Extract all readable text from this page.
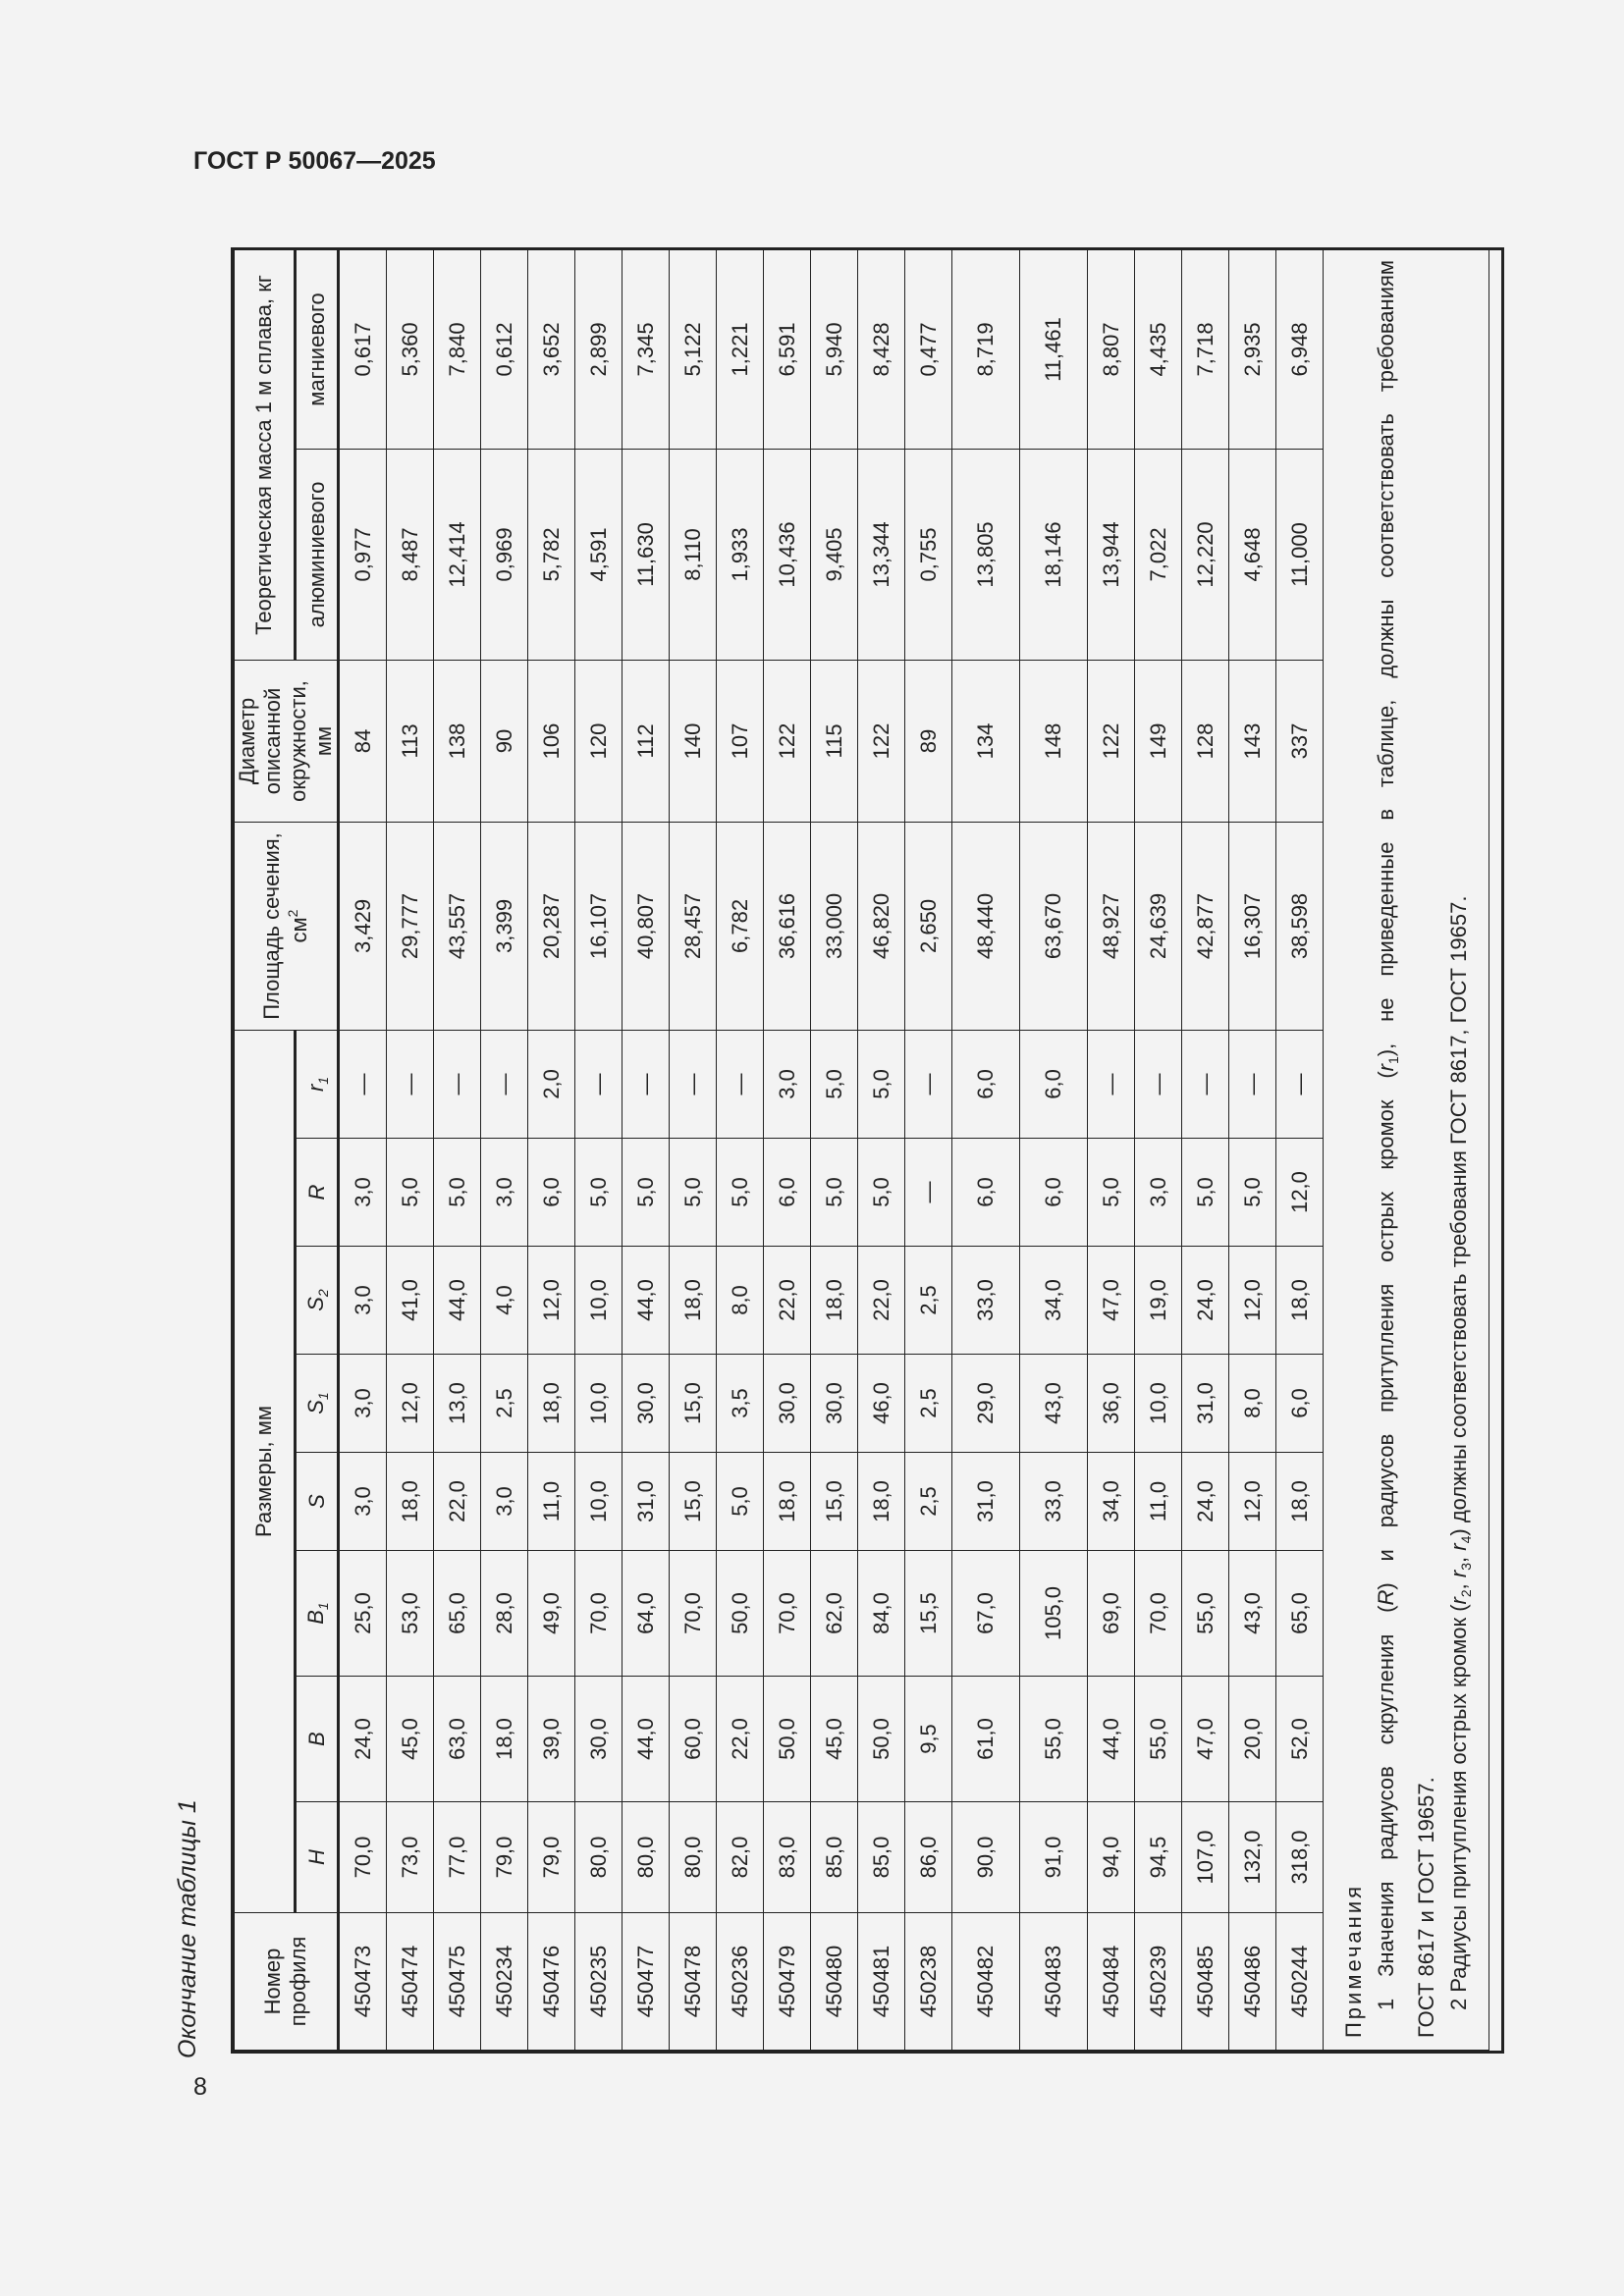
ГОСТ Р 50067—2025
8
Окончание таблицы 1	Номер профиля	Размеры, мм								Площадь сечения, $см^2$	Диаметр описанной окружности, мм	Теоретическая масса 1 м сплава, кг	
	H	B	$B_1$	S	$S_1$	$S_2$	R	$r_1$			алюминиевого	магниевого
450473	70,0	24,0	25,0	3,0	3,0	3,0	3,0	—	3,429	84	0,977	0,617
450474	73,0	45,0	53,0	18,0	12,0	41,0	5,0	—	29,777	113	8,487	5,360
450475	77,0	63,0	65,0	22,0	13,0	44,0	5,0	—	43,557	138	12,414	7,840
450234	79,0	18,0	28,0	3,0	2,5	4,0	3,0	—	3,399	90	0,969	0,612
450476	79,0	39,0	49,0	11,0	18,0	12,0	6,0	2,0	20,287	106	5,782	3,652
450235	80,0	30,0	70,0	10,0	10,0	10,0	5,0	—	16,107	120	4,591	2,899
450477	80,0	44,0	64,0	31,0	30,0	44,0	5,0	—	40,807	112	11,630	7,345
450478	80,0	60,0	70,0	15,0	15,0	18,0	5,0	—	28,457	140	8,110	5,122
450236	82,0	22,0	50,0	5,0	3,5	8,0	5,0	—	6,782	107	1,933	1,221
450479	83,0	50,0	70,0	18,0	30,0	22,0	6,0	3,0	36,616	122	10,436	6,591
450480	85,0	45,0	62,0	15,0	30,0	18,0	5,0	5,0	33,000	115	9,405	5,940
450481	85,0	50,0	84,0	18,0	46,0	22,0	5,0	5,0	46,820	122	13,344	8,428
450238	86,0	9,5	15,5	2,5	2,5	2,5	—	—	2,650	89	0,755	0,477
450482	90,0	61,0	67,0	31,0	29,0	33,0	6,0	6,0	48,440	134	13,805	8,719
450483	91,0	55,0	105,0	33,0	43,0	34,0	6,0	6,0	63,670	148	18,146	11,461
450484	94,0	44,0	69,0	34,0	36,0	47,0	5,0	—	48,927	122	13,944	8,807
450239	94,5	55,0	70,0	11,0	10,0	19,0	3,0	—	24,639	149	7,022	4,435
450485	107,0	47,0	55,0	24,0	31,0	24,0	5,0	—	42,877	128	12,220	7,718
450486	132,0	20,0	43,0	12,0	8,0	12,0	5,0	—	16,307	143	4,648	2,935
450244	318,0	52,0	65,0	18,0	6,0	18,0	12,0	—	38,598	337	11,000	6,948

Примечания 1 Значения радиусов скругления (R) и радиусов притупления острых кромок $(r_1)$, не приведенные в таблице, должны соответствовать требованиям
ГОСТ 8617 и ГОСТ 19657. 2 Радиусы притупления острых кромок ($r_2$, $r_3$, $r_4$) должны соответствовать требования ГОСТ 8617, ГОСТ 19657.												
